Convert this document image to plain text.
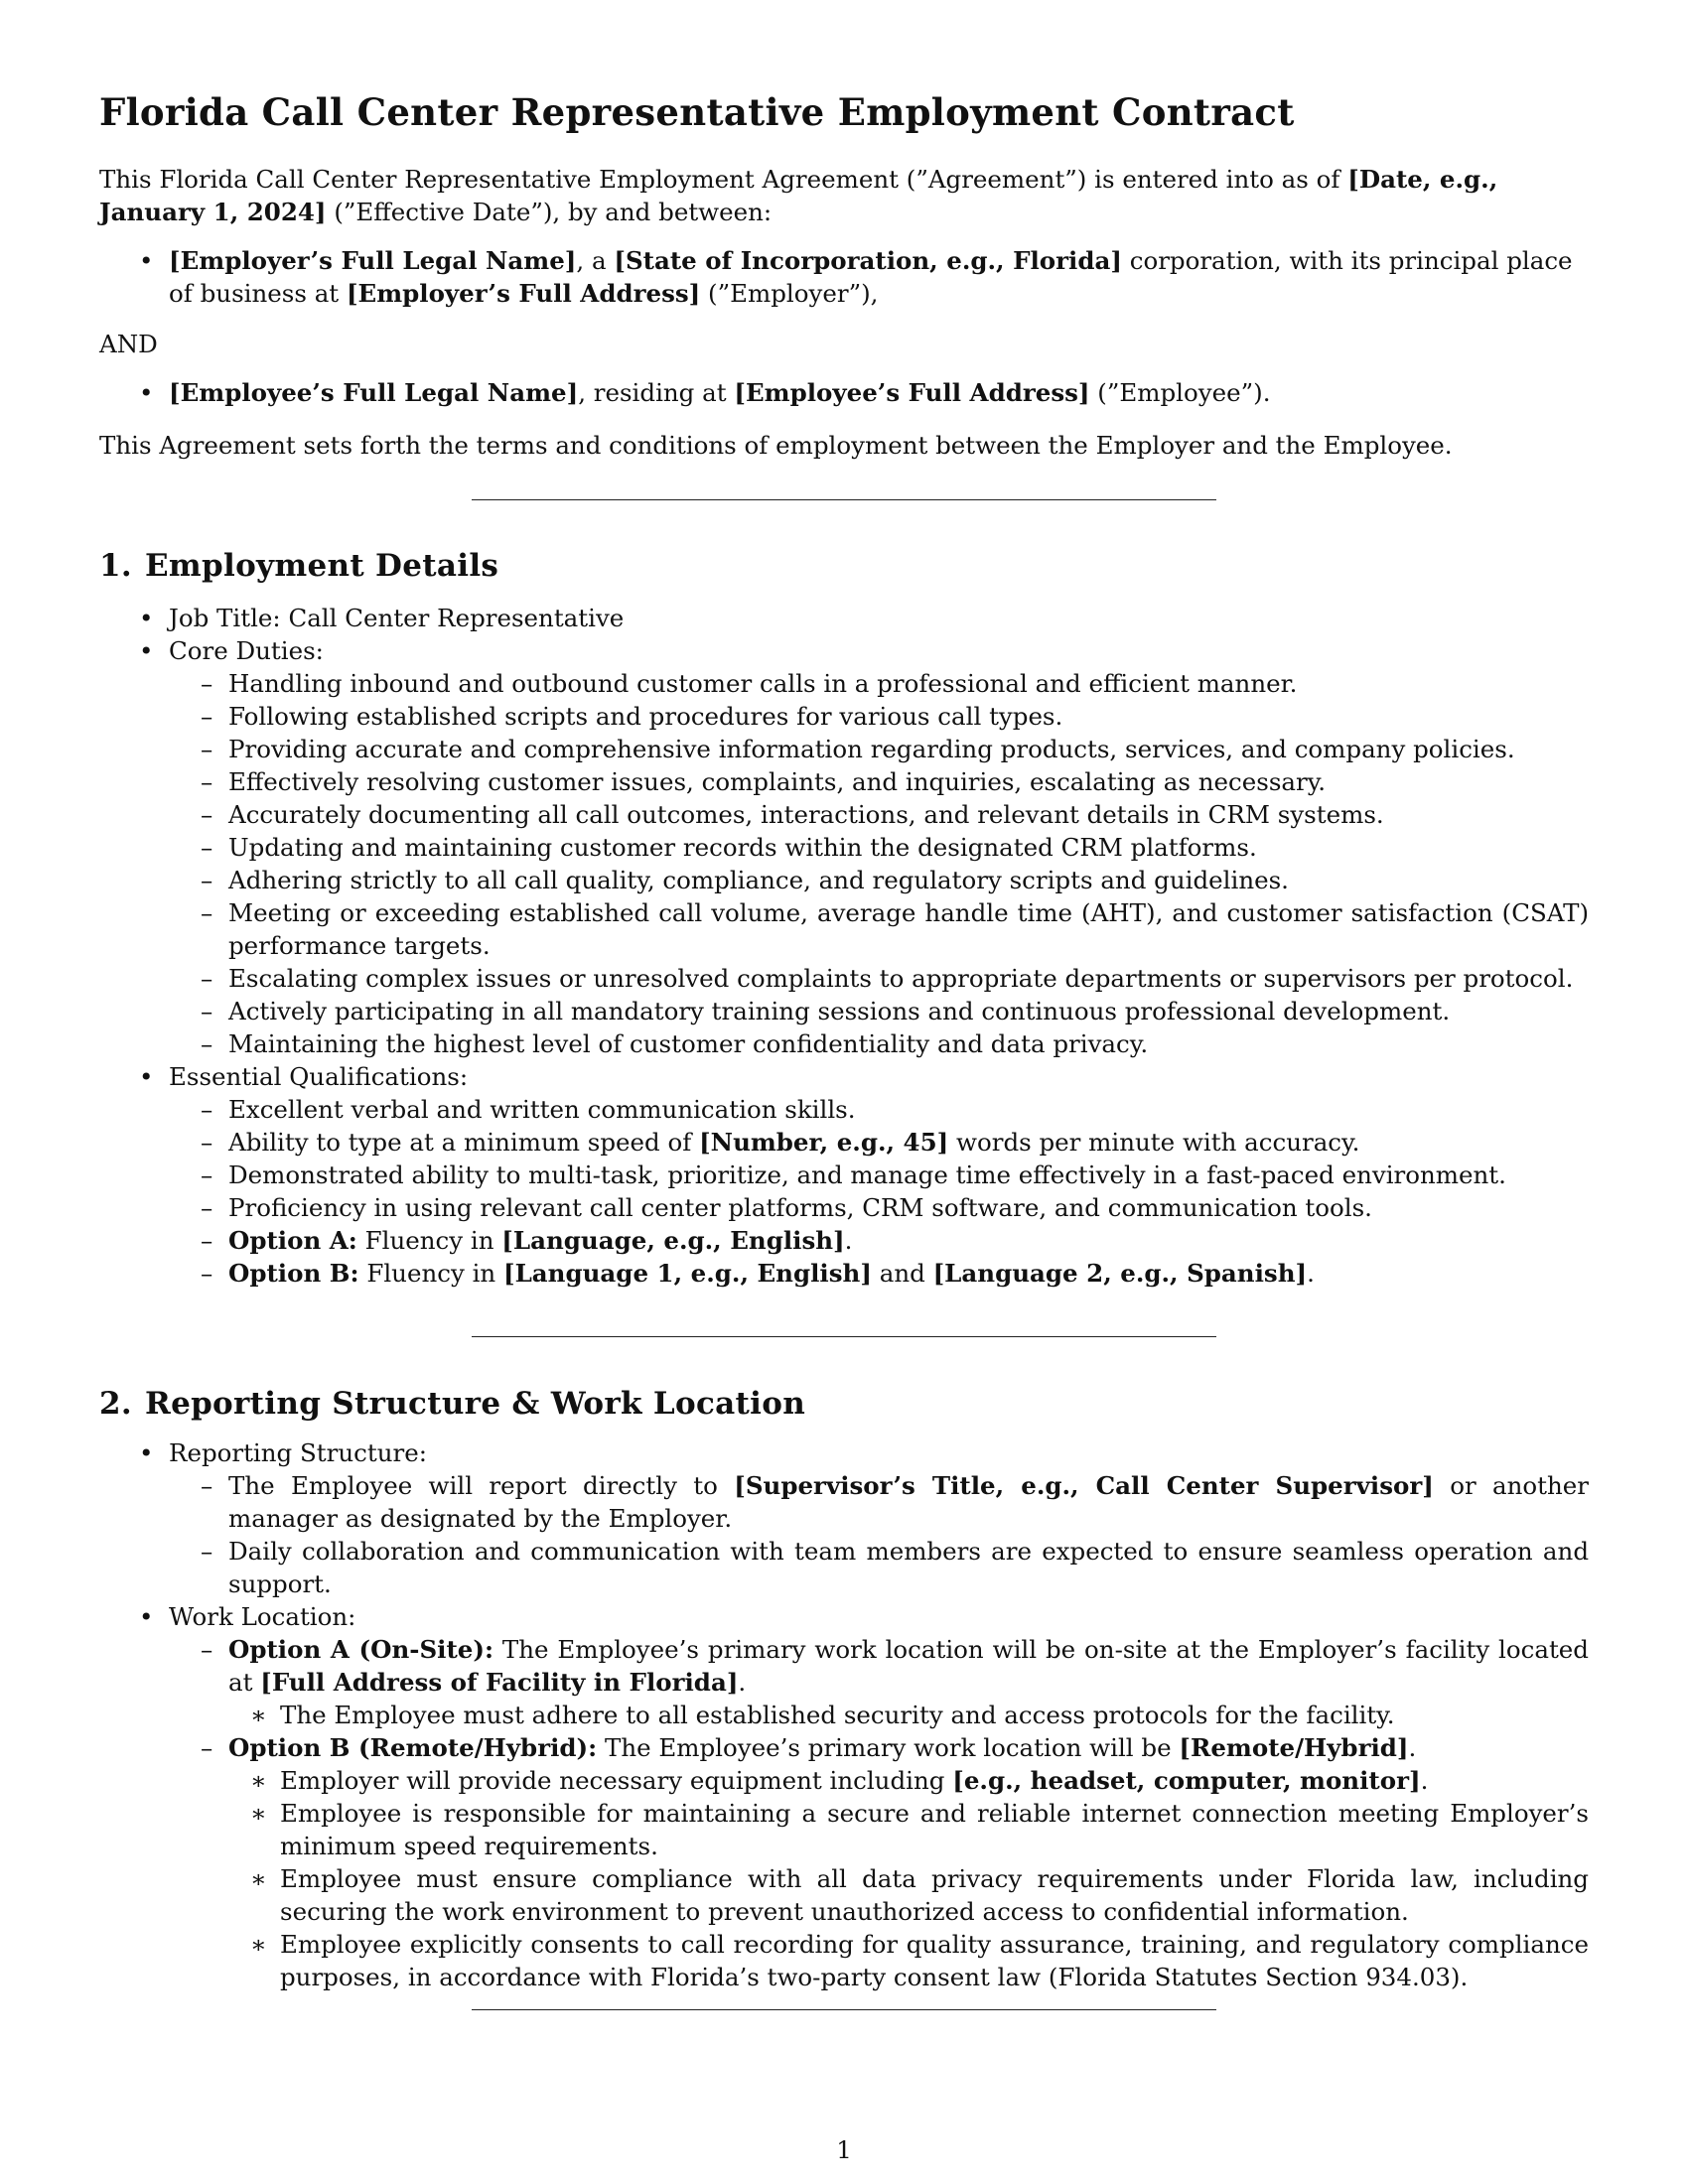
Florida Call Center Representative Employment Contract

This Florida Call Center Representative Employment Agreement (”Agreement”) is entered into as of [Date, e.g., January 1, 2024] (”Effective Date”), by and between:

• [Employer’s Full Legal Name], a [State of Incorporation, e.g., Florida] corporation, with its principal place of business at [Employer’s Full Address] (”Employer”),

AND

• [Employee’s Full Legal Name], residing at [Employee’s Full Address] (”Employee”).

This Agreement sets forth the terms and conditions of employment between the Employer and the Employee.

1. Employment Details
• Job Title: Call Center Representative
• Core Duties:
– Handling inbound and outbound customer calls in a professional and efficient manner.
– Following established scripts and procedures for various call types.
– Providing accurate and comprehensive information regarding products, services, and company policies.
– Effectively resolving customer issues, complaints, and inquiries, escalating as necessary.
– Accurately documenting all call outcomes, interactions, and relevant details in CRM systems.
– Updating and maintaining customer records within the designated CRM platforms.
– Adhering strictly to all call quality, compliance, and regulatory scripts and guidelines.
– Meeting or exceeding established call volume, average handle time (AHT), and customer satisfaction (CSAT) performance targets.
– Escalating complex issues or unresolved complaints to appropriate departments or supervisors per protocol.
– Actively participating in all mandatory training sessions and continuous professional development.
– Maintaining the highest level of customer confidentiality and data privacy.
• Essential Qualifications:
– Excellent verbal and written communication skills.
– Ability to type at a minimum speed of [Number, e.g., 45] words per minute with accuracy.
– Demonstrated ability to multi-task, prioritize, and manage time effectively in a fast-paced environment.
– Proficiency in using relevant call center platforms, CRM software, and communication tools.
– Option A: Fluency in [Language, e.g., English].
– Option B: Fluency in [Language 1, e.g., English] and [Language 2, e.g., Spanish].
2. Reporting Structure & Work Location
• Reporting Structure:
– The Employee will report directly to [Supervisor’s Title, e.g., Call Center Supervisor] or another manager as designated by the Employer.
– Daily collaboration and communication with team members are expected to ensure seamless operation and support.
• Work Location:
– Option A (On-Site): The Employee’s primary work location will be on-site at the Employer’s facility located at [Full Address of Facility in Florida].
∗ The Employee must adhere to all established security and access protocols for the facility.
– Option B (Remote/Hybrid): The Employee’s primary work location will be [Remote/Hybrid].
∗ Employer will provide necessary equipment including [e.g., headset, computer, monitor].
∗ Employee is responsible for maintaining a secure and reliable internet connection meeting Employer’s minimum speed requirements.
∗ Employee must ensure compliance with all data privacy requirements under Florida law, including securing the work environment to prevent unauthorized access to confidential information.
∗ Employee explicitly consents to call recording for quality assurance, training, and regulatory compliance purposes, in accordance with Florida’s two-party consent law (Florida Statutes Section 934.03).
1
